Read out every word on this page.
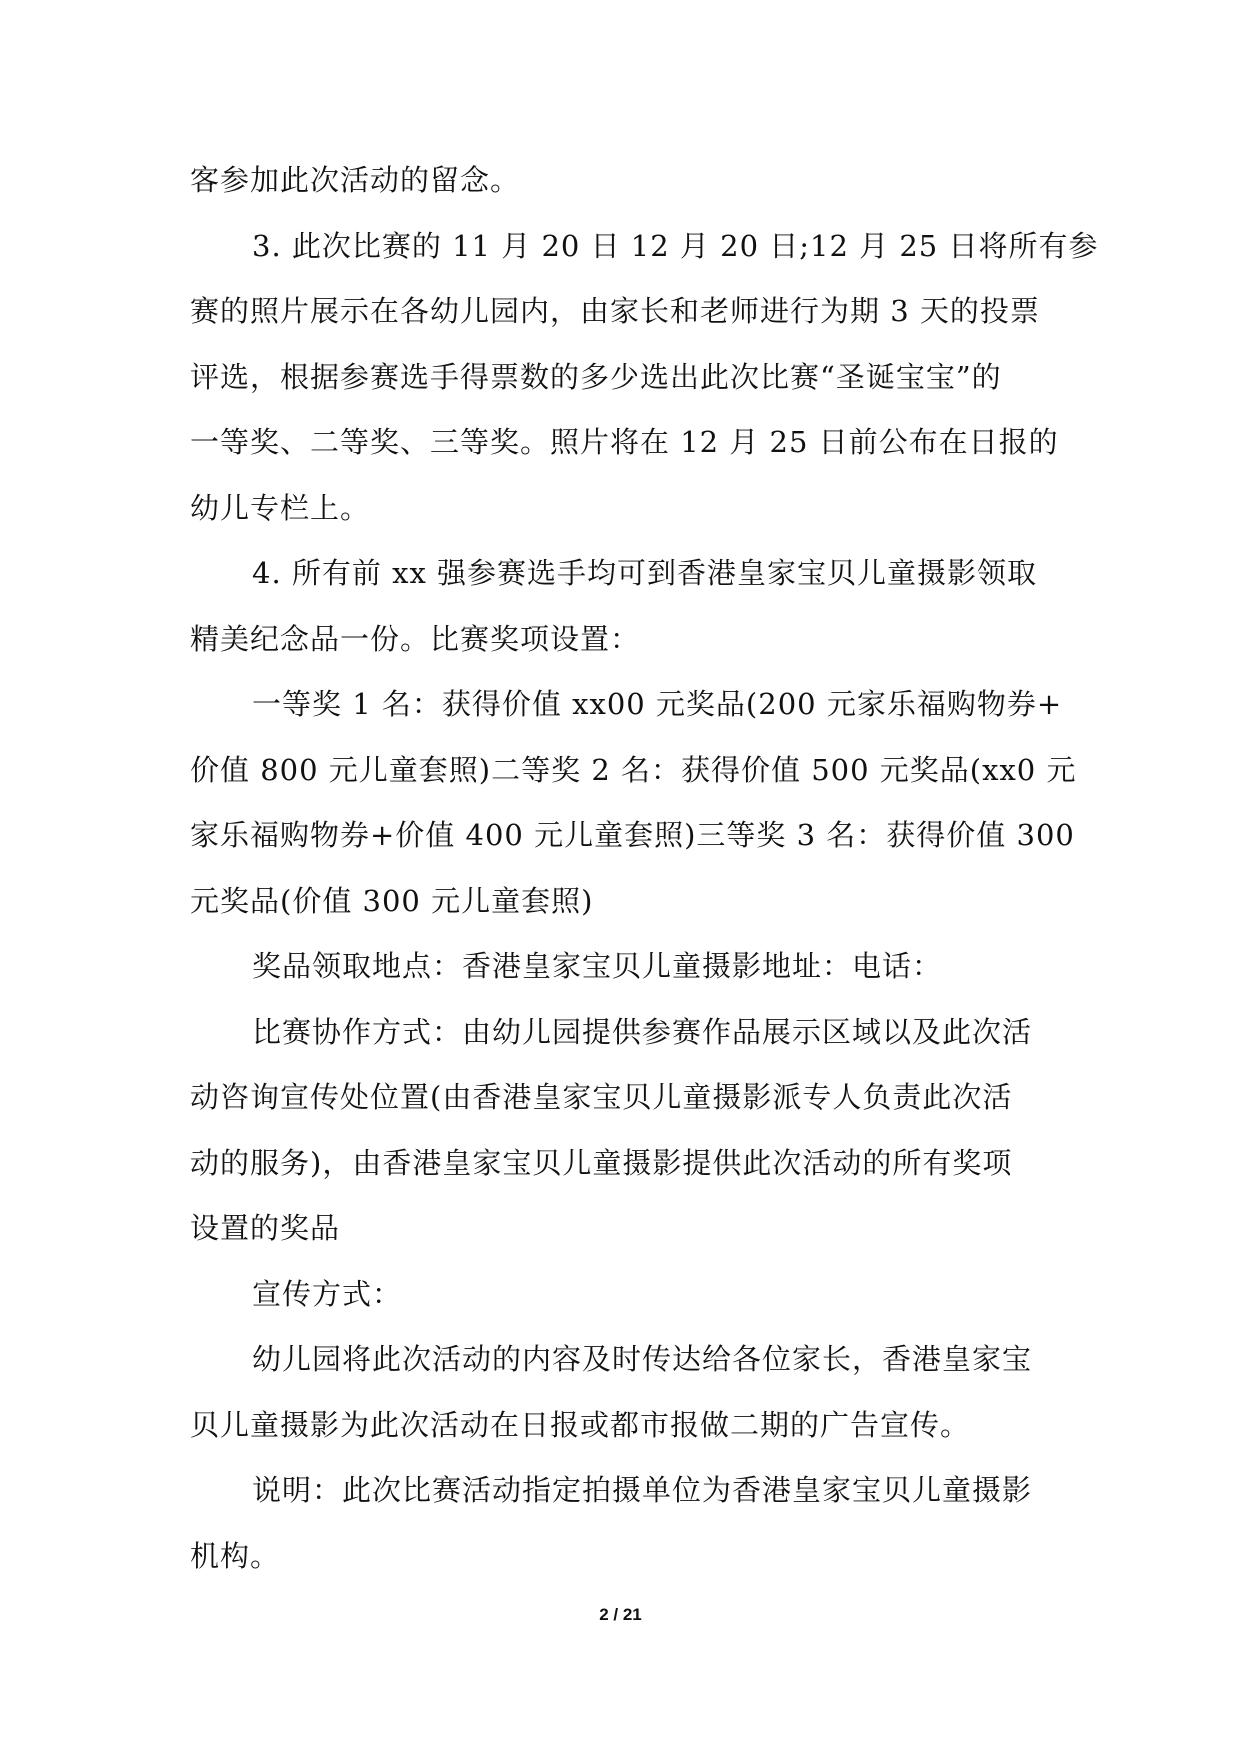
客参加此次活动的留念。
3. 此次比赛的 11 月 20 日 12 月 20 日;12 月 25 日将所有参
赛的照片展示在各幼儿园内，由家长和老师进行为期 3 天的投票
评选，根据参赛选手得票数的多少选出此次比赛“圣诞宝宝”的
一等奖、二等奖、三等奖。照片将在 12 月 25 日前公布在日报的
幼儿专栏上。
4. 所有前 xx 强参赛选手均可到香港皇家宝贝儿童摄影领取
精美纪念品一份。比赛奖项设置：
一等奖 1 名：获得价值 xx00 元奖品(200 元家乐福购物券+
价值 800 元儿童套照)二等奖 2 名：获得价值 500 元奖品(xx0 元
家乐福购物券+价值 400 元儿童套照)三等奖 3 名：获得价值 300
元奖品(价值 300 元儿童套照)
奖品领取地点：香港皇家宝贝儿童摄影地址：电话：
比赛协作方式：由幼儿园提供参赛作品展示区域以及此次活
动咨询宣传处位置(由香港皇家宝贝儿童摄影派专人负责此次活
动的服务)，由香港皇家宝贝儿童摄影提供此次活动的所有奖项
设置的奖品
宣传方式：
幼儿园将此次活动的内容及时传达给各位家长，香港皇家宝
贝儿童摄影为此次活动在日报或都市报做二期的广告宣传。
说明：此次比赛活动指定拍摄单位为香港皇家宝贝儿童摄影
机构。
2 / 21
